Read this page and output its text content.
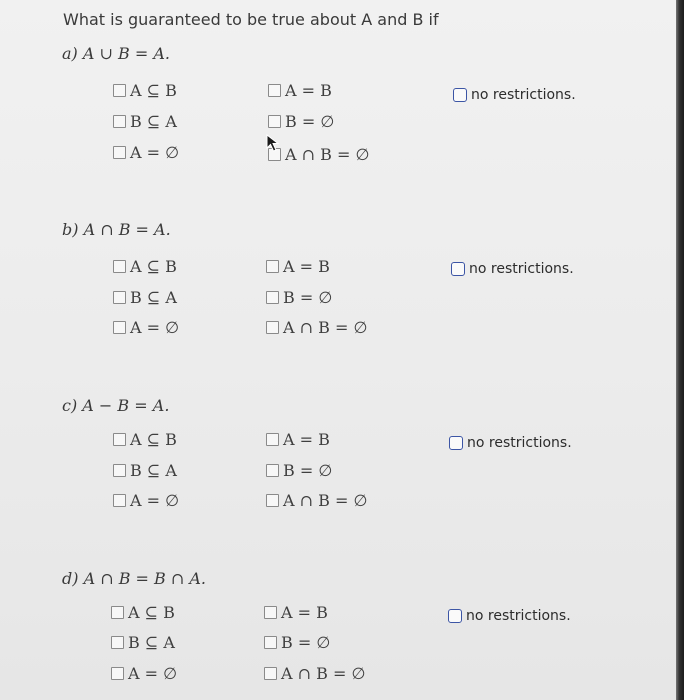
What is guaranteed to be true about A and B if
a) A ∪ B = A.
A ⊆ B
B ⊆ A
A = ∅
A = B
B = ∅
A ∩ B = ∅
no restrictions.
b) A ∩ B = A.
A ⊆ B
B ⊆ A
A = ∅
A = B
B = ∅
A ∩ B = ∅
no restrictions.
c) A − B = A.
A ⊆ B
B ⊆ A
A = ∅
A = B
B = ∅
A ∩ B = ∅
no restrictions.
d) A ∩ B = B ∩ A.
A ⊆ B
B ⊆ A
A = ∅
A = B
B = ∅
A ∩ B = ∅
no restrictions.
